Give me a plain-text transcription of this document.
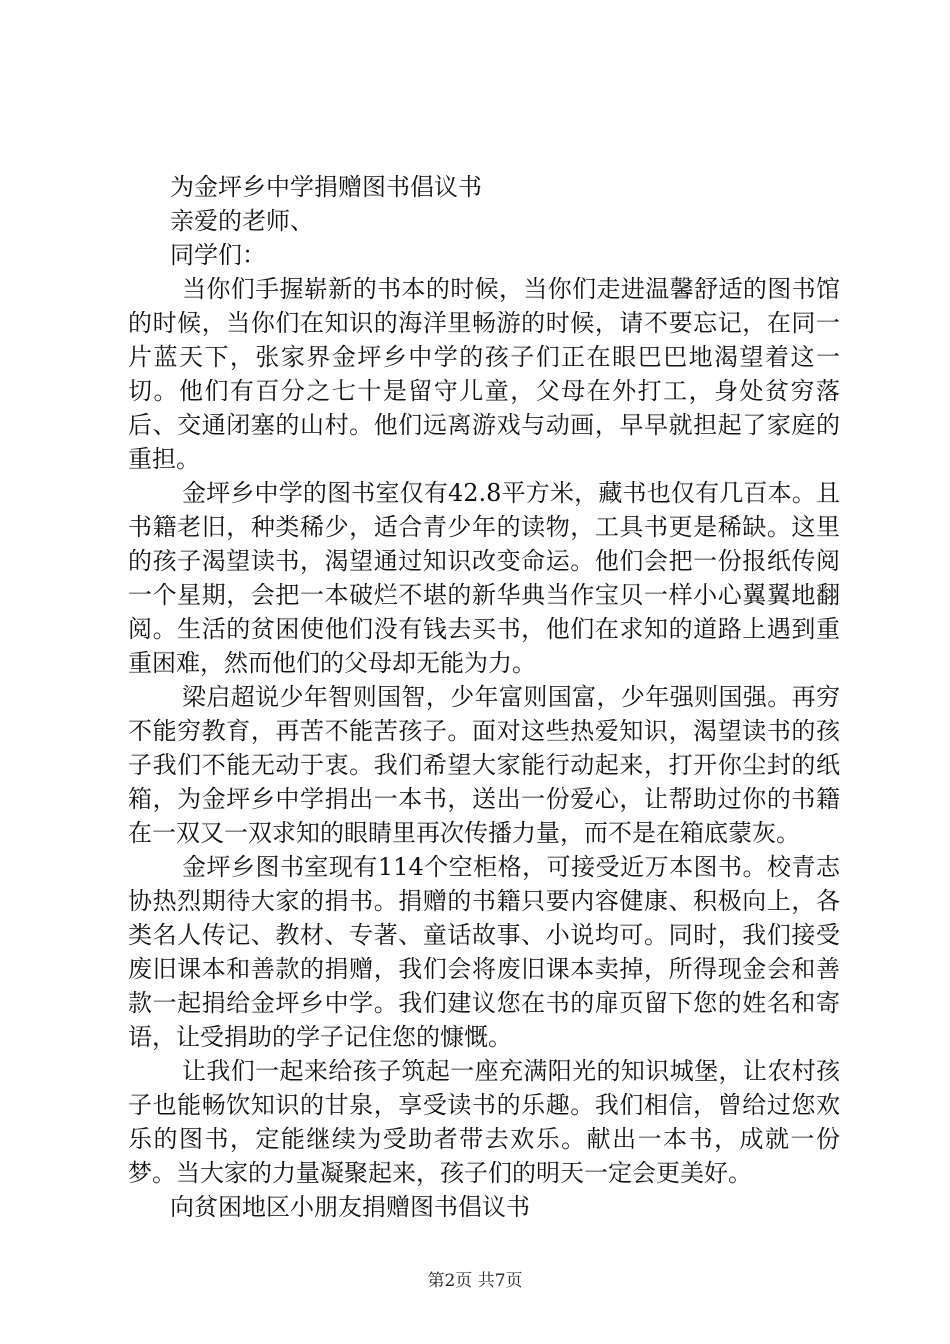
为金坪乡中学捐赠图书倡议书

亲爱的老师、

同学们：

当你们手握崭新的书本的时候，当你们走进温馨舒适的图书馆的时候，当你们在知识的海洋里畅游的时候，请不要忘记，在同一片蓝天下，张家界金坪乡中学的孩子们正在眼巴巴地渴望着这一切。他们有百分之七十是留守儿童，父母在外打工，身处贫穷落后、交通闭塞的山村。他们远离游戏与动画，早早就担起了家庭的重担。

金坪乡中学的图书室仅有42.8平方米，藏书也仅有几百本。且书籍老旧，种类稀少，适合青少年的读物，工具书更是稀缺。这里的孩子渴望读书，渴望通过知识改变命运。他们会把一份报纸传阅一个星期，会把一本破烂不堪的新华典当作宝贝一样小心翼翼地翻阅。生活的贫困使他们没有钱去买书，他们在求知的道路上遇到重重困难，然而他们的父母却无能为力。

梁启超说少年智则国智，少年富则国富，少年强则国强。再穷不能穷教育，再苦不能苦孩子。面对这些热爱知识，渴望读书的孩子我们不能无动于衷。我们希望大家能行动起来，打开你尘封的纸箱，为金坪乡中学捐出一本书，送出一份爱心，让帮助过你的书籍在一双又一双求知的眼睛里再次传播力量，而不是在箱底蒙灰。

金坪乡图书室现有114个空柜格，可接受近万本图书。校青志协热烈期待大家的捐书。捐赠的书籍只要内容健康、积极向上，各类名人传记、教材、专著、童话故事、小说均可。同时，我们接受废旧课本和善款的捐赠，我们会将废旧课本卖掉，所得现金会和善款一起捐给金坪乡中学。我们建议您在书的扉页留下您的姓名和寄语，让受捐助的学子记住您的慷慨。

让我们一起来给孩子筑起一座充满阳光的知识城堡，让农村孩子也能畅饮知识的甘泉，享受读书的乐趣。我们相信，曾给过您欢乐的图书，定能继续为受助者带去欢乐。献出一本书，成就一份梦。当大家的力量凝聚起来，孩子们的明天一定会更美好。

向贫困地区小朋友捐赠图书倡议书

第2页 共7页
